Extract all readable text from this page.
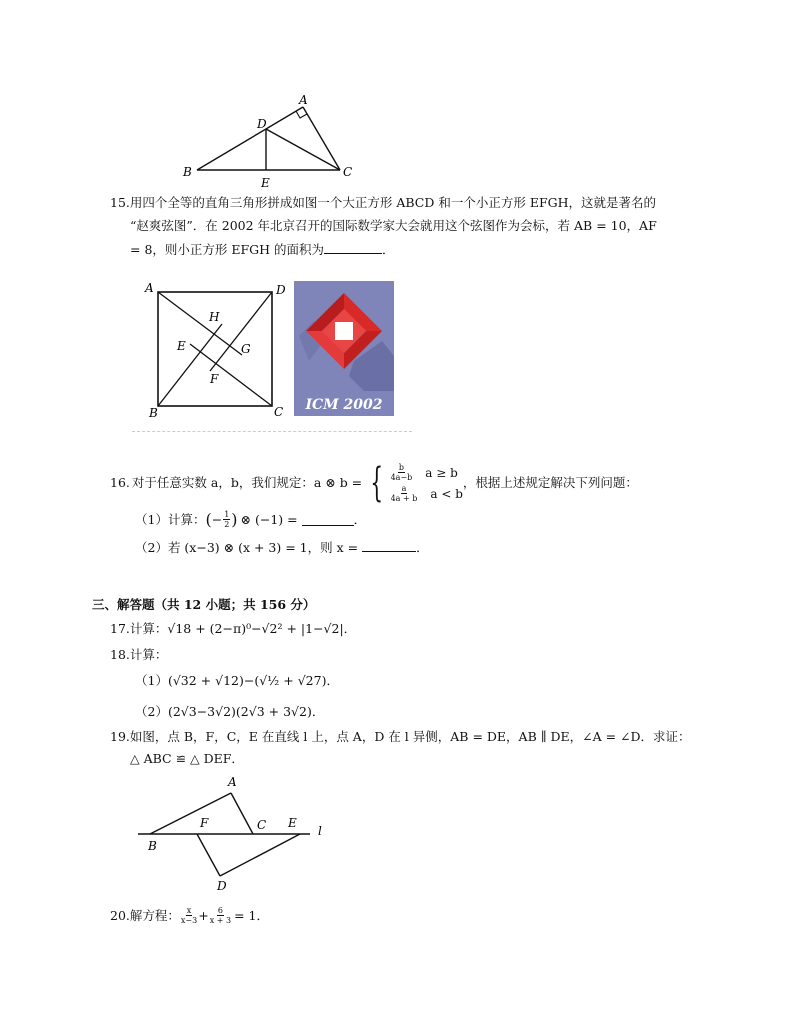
A
B	C
D
E
15.用四个全等的直角三角形拼成如图一个大正方形 ABCD 和一个小正方形 EFGH，这就是著名的
“赵爽弦图”．在 2002 年北京召开的国际数学家大会就用这个弦图作为会标，若 AB = 10，AF
= 8，则小正方形 EFGH 的面积为	．
A	D
B	C
H
E	G
F
ICM 2002
16. 对于任意实数 a，b，我们规定：a ⊗ b = { $\frac{b}{4a-b}$ a ≥ b
$\frac{a}{4a + b}$ a < b
，根据上述规定解决下列问题：
（1）计算： ( − $\frac{1}{2}$ ) ⊗ (−1) =	．
（2）若 (x−3) ⊗ (x + 3) = 1，则 x =	．
三、解答题（共 12 小题；共 156 分）
17.计算：√18 + (2−π)⁰−√2² + |1−√2|．
18.计算：
（1）(√32 + √12)−(√½ + √27)．
（2）(2√3−3√2)(2√3 + 3√2)．
19.如图，点 B，F，C，E 在直线 l 上，点 A，D 在 l 异侧，AB = DE，AB ∥ DE，∠A = ∠D．求证：
△ ABC ≌ △ DEF．
A
B
F	C E
l
D
20. 解方程： $\frac{x}{x-3} + \frac{6}{x + 3} = 1$．
